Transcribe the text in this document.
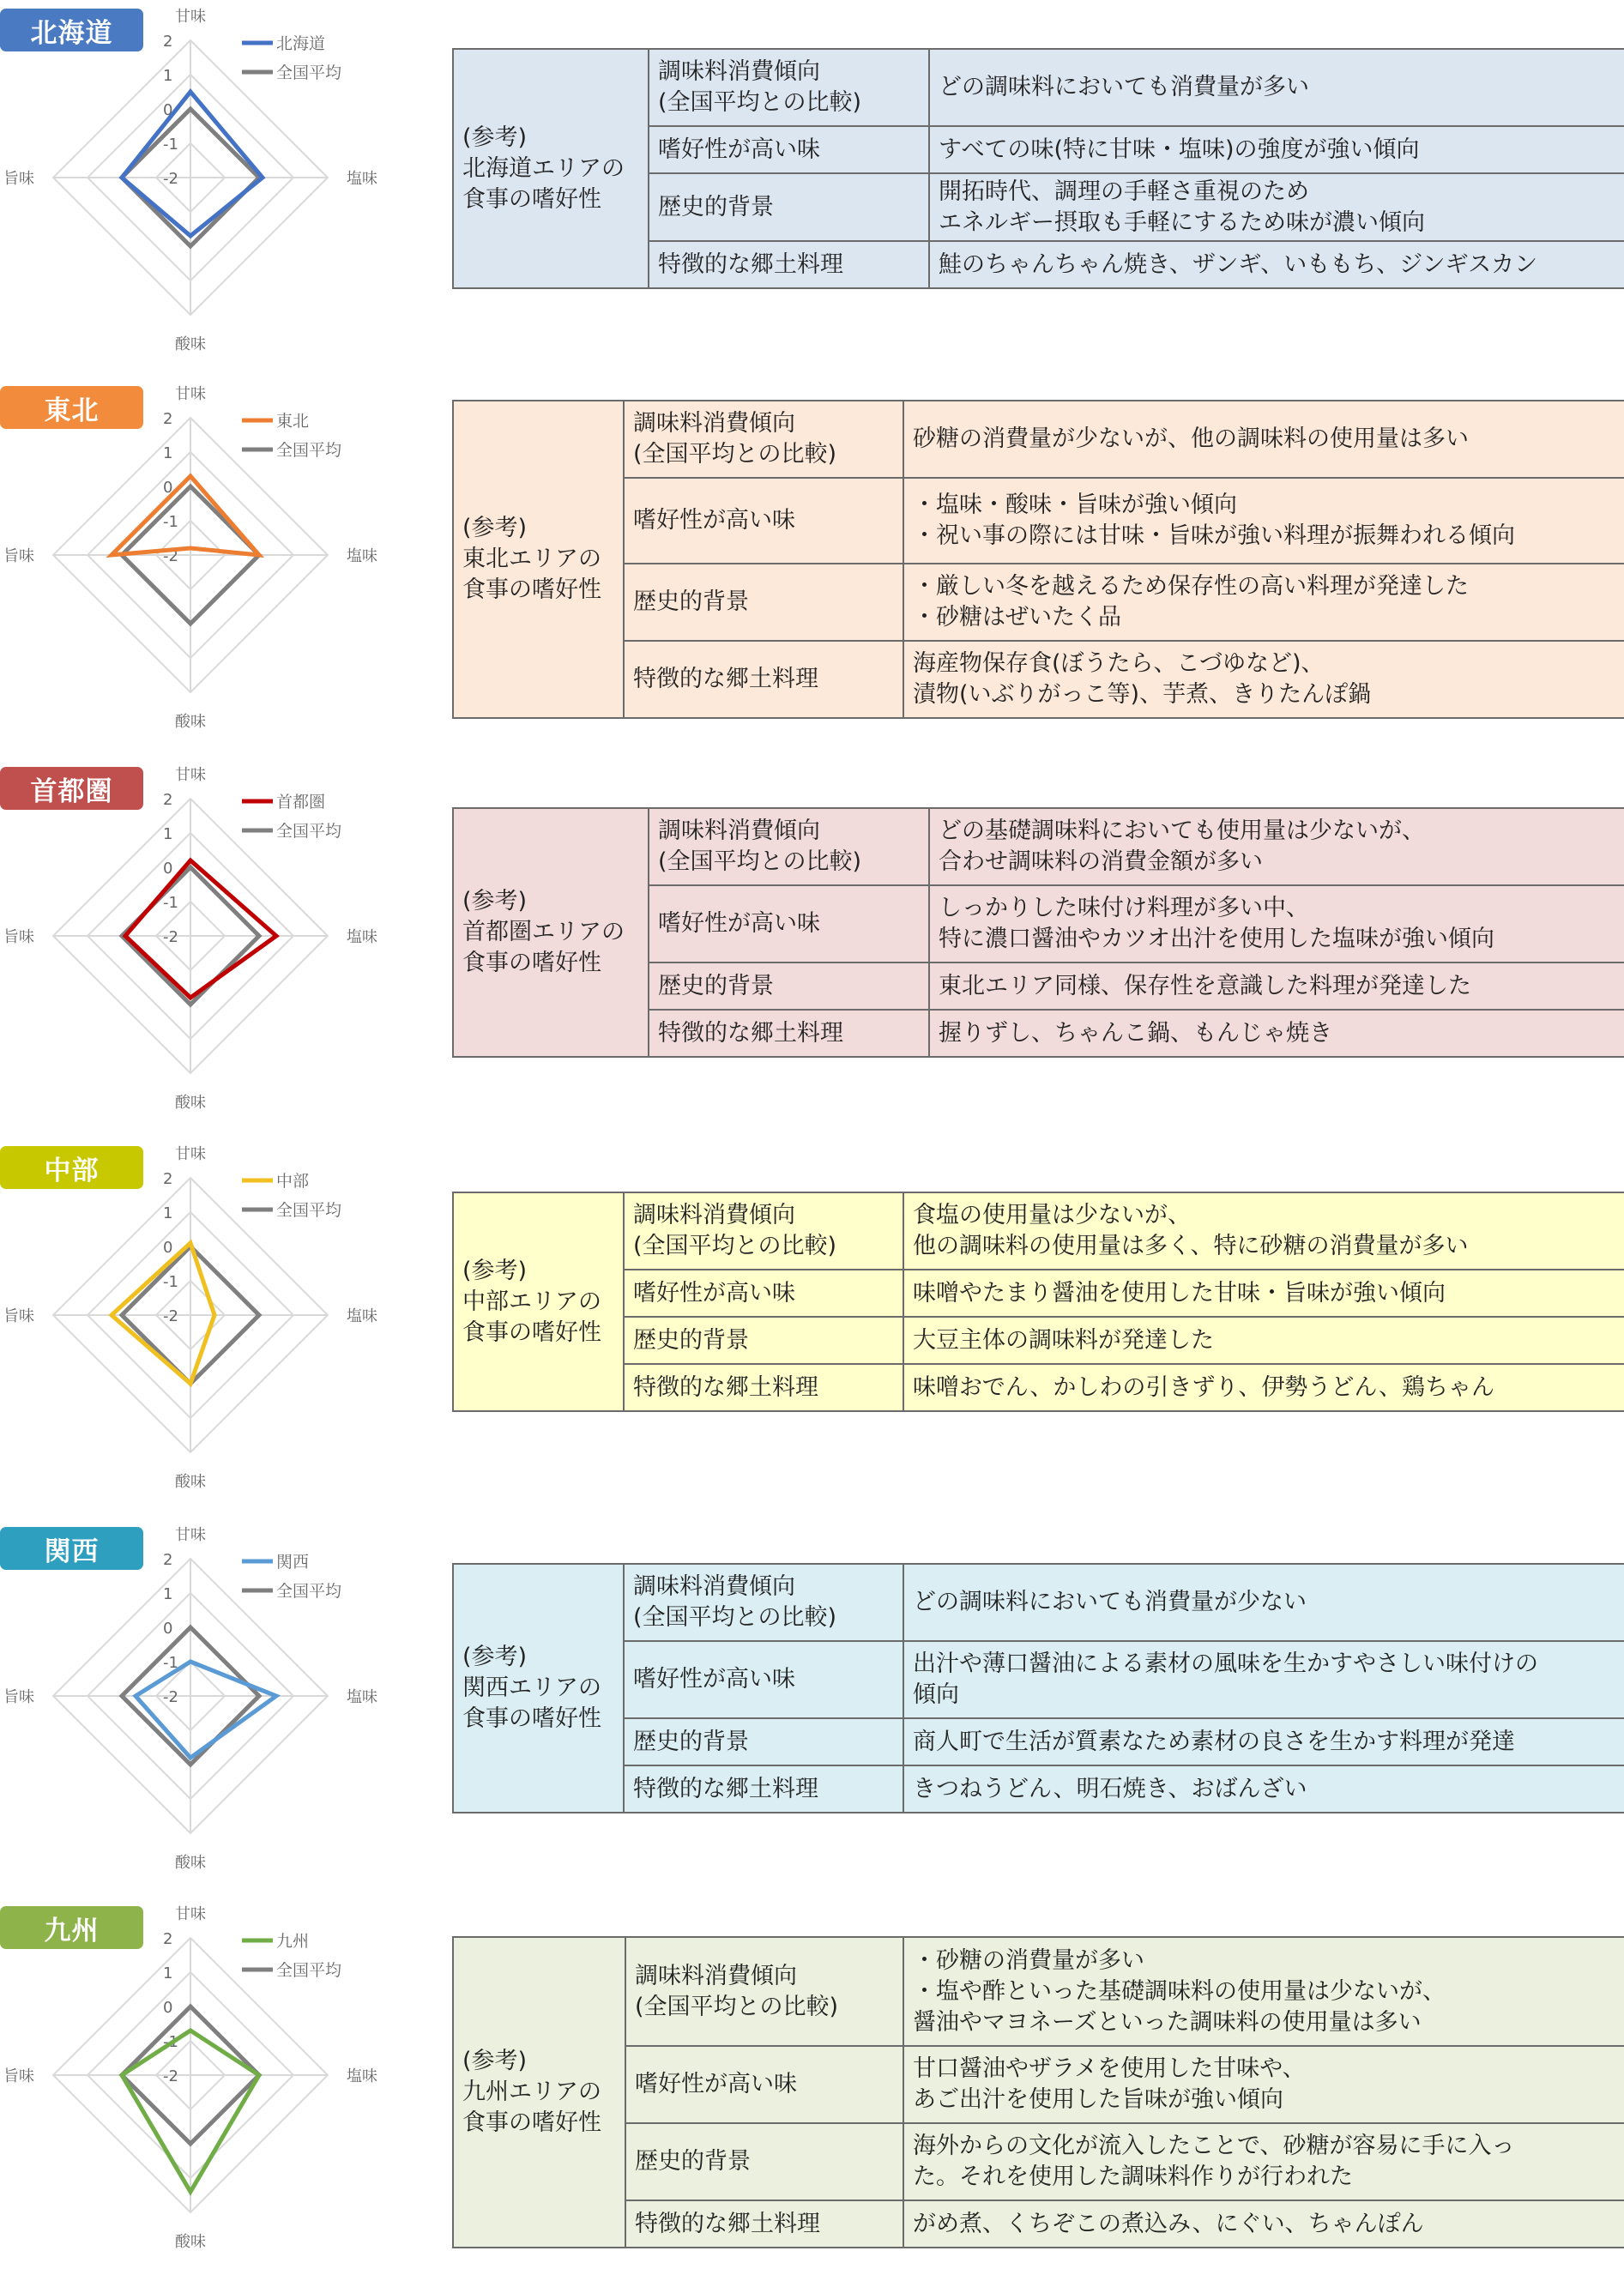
北海道	2
1
0
-1
-2
甘味
塩味
酸味
旨味
北海道
全国平均
(参考)
北海道エリアの
食事の嗜好性	調味料消費傾向
(全国平均との比較)	どの調味料においても消費量が多い
	嗜好性が高い味	すべての味(特に甘味・塩味)の強度が強い傾向
	歴史的背景	開拓時代、調理の手軽さ重視のため
エネルギー摂取も手軽にするため味が濃い傾向
	特徴的な郷土料理	鮭のちゃんちゃん焼き、ザンギ、いももち、ジンギスカン
東北	2
1
0
-1
-2
甘味
塩味
酸味
旨味
東北
全国平均
(参考)
東北エリアの
食事の嗜好性	調味料消費傾向
(全国平均との比較)	砂糖の消費量が少ないが、他の調味料の使用量は多い
	嗜好性が高い味	・塩味・酸味・旨味が強い傾向
・祝い事の際には甘味・旨味が強い料理が振舞われる傾向
	歴史的背景	・厳しい冬を越えるため保存性の高い料理が発達した
・砂糖はぜいたく品
	特徴的な郷土料理	海産物保存食(ぼうたら、こづゆなど)、
漬物(いぶりがっこ等)、芋煮、きりたんぽ鍋
首都圏	2
1
0
-1
-2
甘味
塩味
酸味
旨味
首都圏
全国平均
(参考)
首都圏エリアの
食事の嗜好性	調味料消費傾向
(全国平均との比較)	どの基礎調味料においても使用量は少ないが、
合わせ調味料の消費金額が多い
	嗜好性が高い味	しっかりした味付け料理が多い中、
特に濃口醤油やカツオ出汁を使用した塩味が強い傾向
	歴史的背景	東北エリア同様、保存性を意識した料理が発達した
	特徴的な郷土料理	握りずし、ちゃんこ鍋、もんじゃ焼き
中部	2
1
0
-1
-2
甘味
塩味
酸味
旨味
中部
全国平均
(参考)
中部エリアの
食事の嗜好性	調味料消費傾向
(全国平均との比較)	食塩の使用量は少ないが、
他の調味料の使用量は多く、特に砂糖の消費量が多い
	嗜好性が高い味	味噌やたまり醤油を使用した甘味・旨味が強い傾向
	歴史的背景	大豆主体の調味料が発達した
	特徴的な郷土料理	味噌おでん、かしわの引きずり、伊勢うどん、鶏ちゃん
関西	2
1
0
-1
-2
甘味
塩味
酸味
旨味
関西
全国平均
(参考)
関西エリアの
食事の嗜好性	調味料消費傾向
(全国平均との比較)	どの調味料においても消費量が少ない
	嗜好性が高い味	出汁や薄口醤油による素材の風味を生かすやさしい味付けの
傾向
	歴史的背景	商人町で生活が質素なため素材の良さを生かす料理が発達
	特徴的な郷土料理	きつねうどん、明石焼き、おばんざい
九州	2
1
0
-1
-2
甘味
塩味
酸味
旨味
九州
全国平均
(参考)
九州エリアの
食事の嗜好性	調味料消費傾向
(全国平均との比較)	・砂糖の消費量が多い
・塩や酢といった基礎調味料の使用量は少ないが、
醤油やマヨネーズといった調味料の使用量は多い
	嗜好性が高い味	甘口醤油やザラメを使用した甘味や、
あご出汁を使用した旨味が強い傾向
	歴史的背景	海外からの文化が流入したことで、砂糖が容易に手に入っ
た。それを使用した調味料作りが行われた
	特徴的な郷土料理	がめ煮、くちぞこの煮込み、にぐい、ちゃんぽん
